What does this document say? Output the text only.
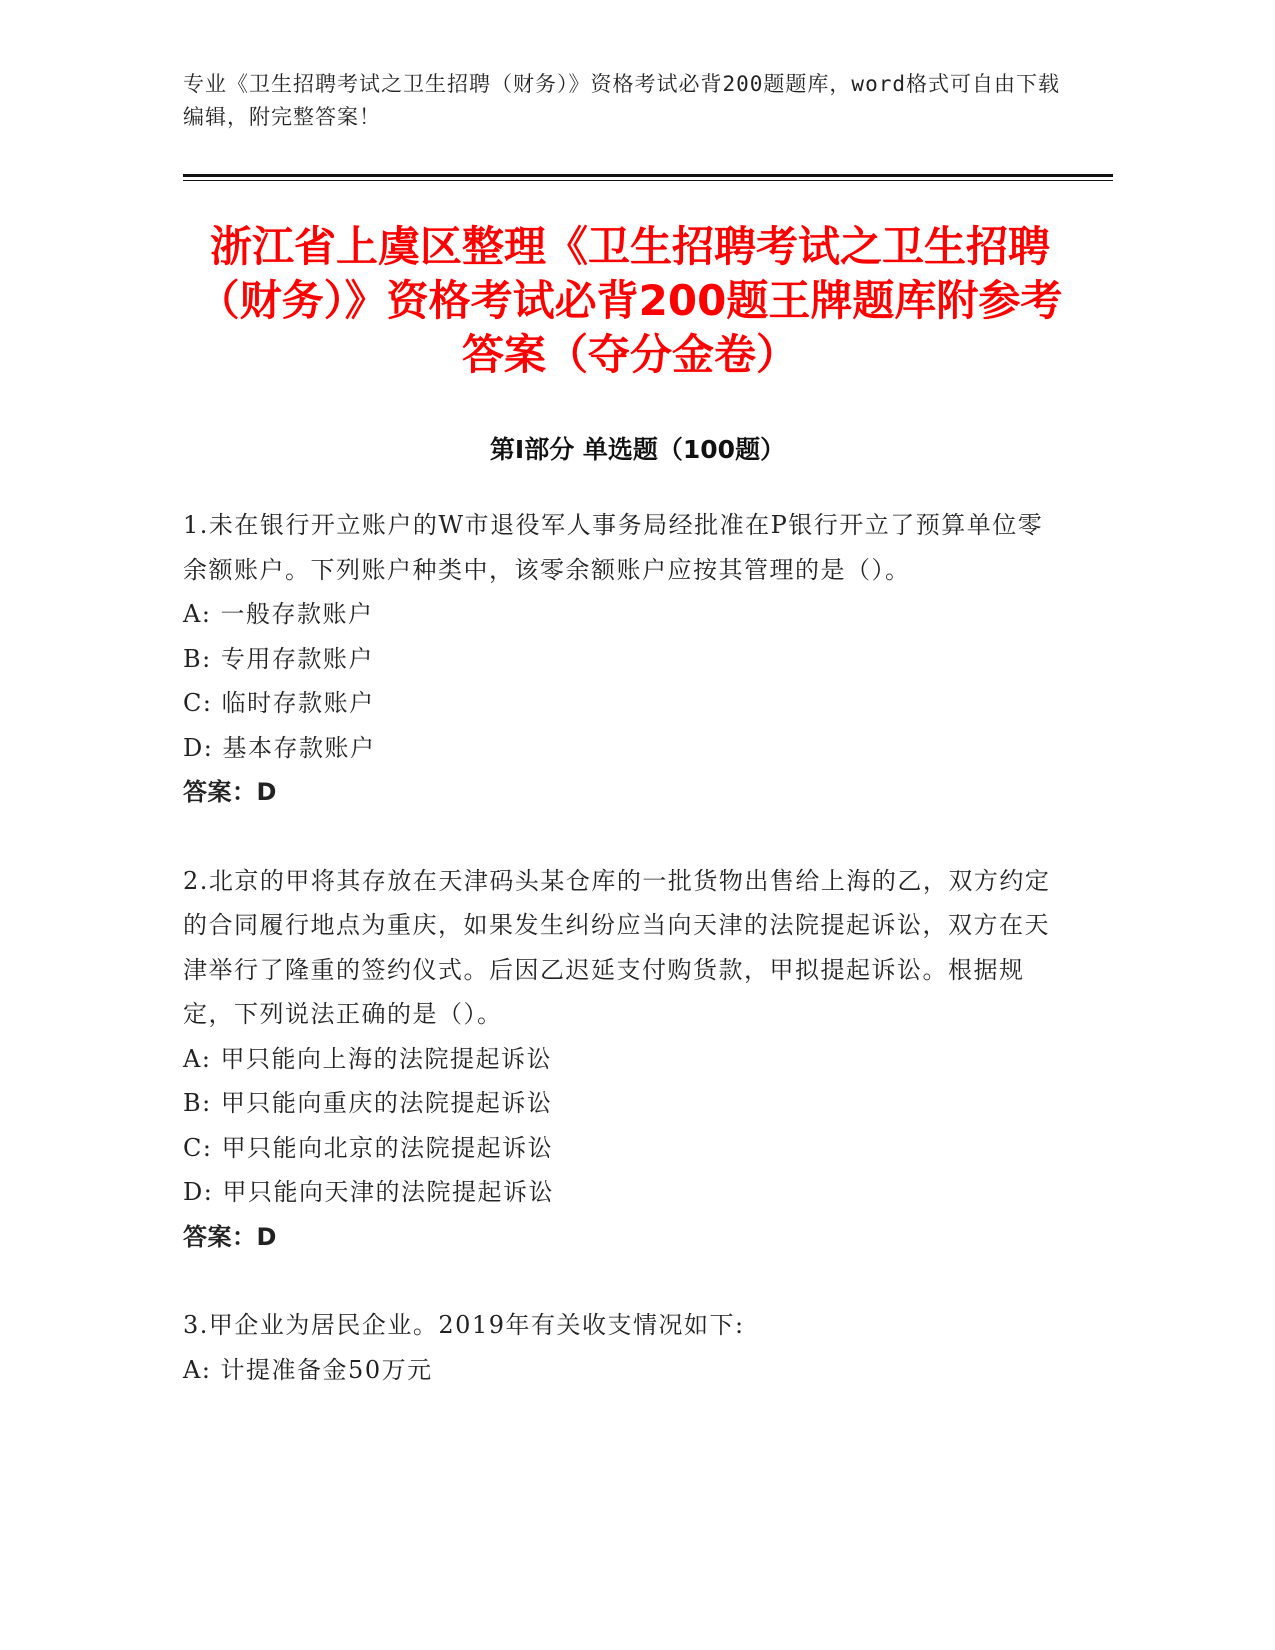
专业《卫生招聘考试之卫生招聘（财务）》资格考试必背200题题库，word格式可自由下载编辑，附完整答案！
浙江省上虞区整理《卫生招聘考试之卫生招聘（财务）》资格考试必背200题王牌题库附参考答案（夺分金卷）
第Ⅰ部分 单选题（100题）

1.未在银行开立账户的W市退役军人事务局经批准在P银行开立了预算单位零余额账户。下列账户种类中，该零余额账户应按其管理的是（）。

A: 一般存款账户

B: 专用存款账户

C: 临时存款账户

D: 基本存款账户

答案：D

2.北京的甲将其存放在天津码头某仓库的一批货物出售给上海的乙，双方约定的合同履行地点为重庆，如果发生纠纷应当向天津的法院提起诉讼，双方在天津举行了隆重的签约仪式。后因乙迟延支付购货款，甲拟提起诉讼。根据规定，下列说法正确的是（）。

A: 甲只能向上海的法院提起诉讼

B: 甲只能向重庆的法院提起诉讼

C: 甲只能向北京的法院提起诉讼

D: 甲只能向天津的法院提起诉讼

答案：D

3.甲企业为居民企业。2019年有关收支情况如下:

A: 计提准备金50万元
